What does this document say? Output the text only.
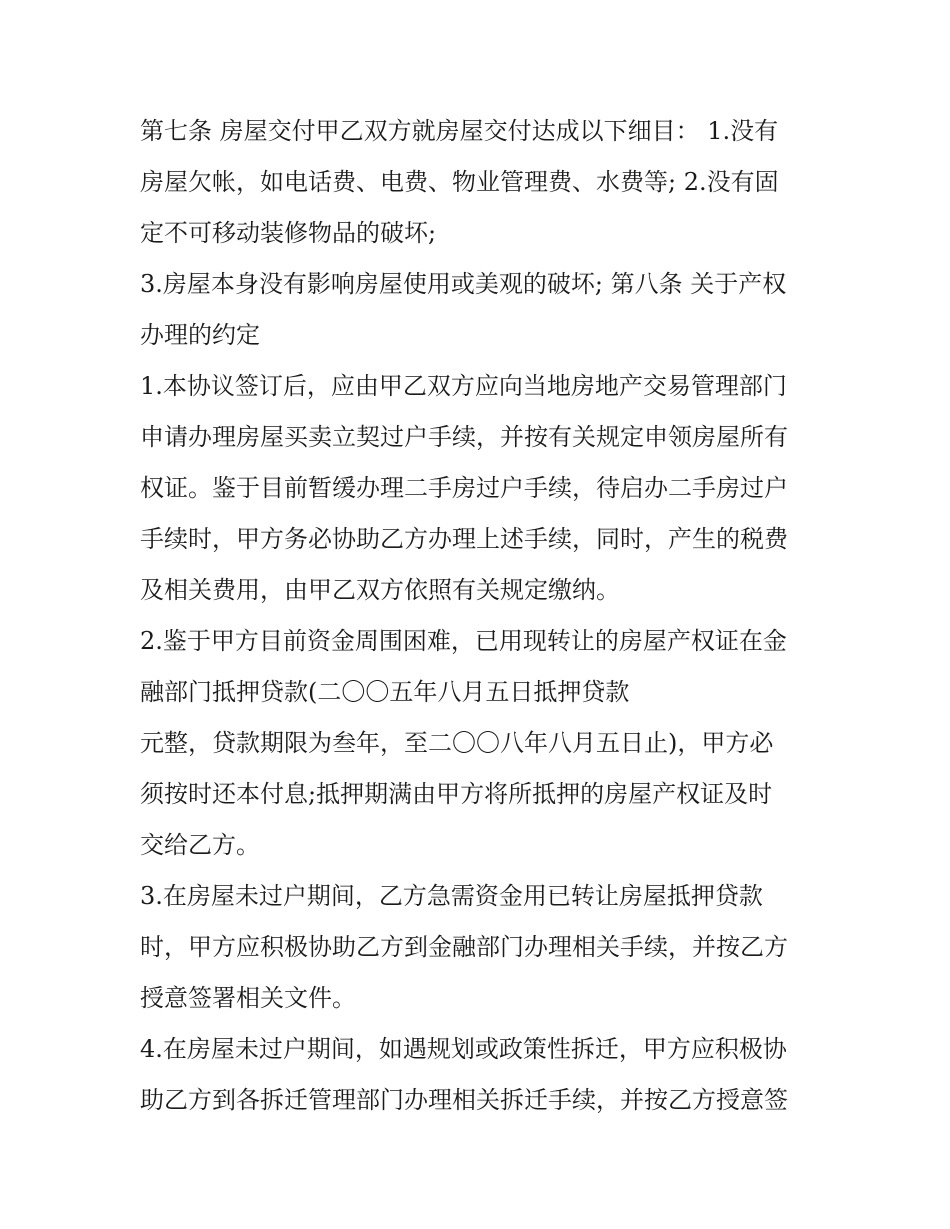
第七条 房屋交付甲乙双方就房屋交付达成以下细目： 1.没有
房屋欠帐，如电话费、电费、物业管理费、水费等; 2.没有固
定不可移动装修物品的破坏;
3.房屋本身没有影响房屋使用或美观的破坏; 第八条 关于产权
办理的约定
1.本协议签订后，应由甲乙双方应向当地房地产交易管理部门
申请办理房屋买卖立契过户手续，并按有关规定申领房屋所有
权证。鉴于目前暂缓办理二手房过户手续，待启办二手房过户
手续时，甲方务必协助乙方办理上述手续，同时，产生的税费
及相关费用，由甲乙双方依照有关规定缴纳。
2.鉴于甲方目前资金周围困难，已用现转让的房屋产权证在金
融部门抵押贷款(二〇〇五年八月五日抵押贷款
元整，贷款期限为叁年，至二〇〇八年八月五日止)，甲方必
须按时还本付息;抵押期满由甲方将所抵押的房屋产权证及时
交给乙方。
3.在房屋未过户期间，乙方急需资金用已转让房屋抵押贷款
时，甲方应积极协助乙方到金融部门办理相关手续，并按乙方
授意签署相关文件。
4.在房屋未过户期间，如遇规划或政策性拆迁，甲方应积极协
助乙方到各拆迁管理部门办理相关拆迁手续，并按乙方授意签
